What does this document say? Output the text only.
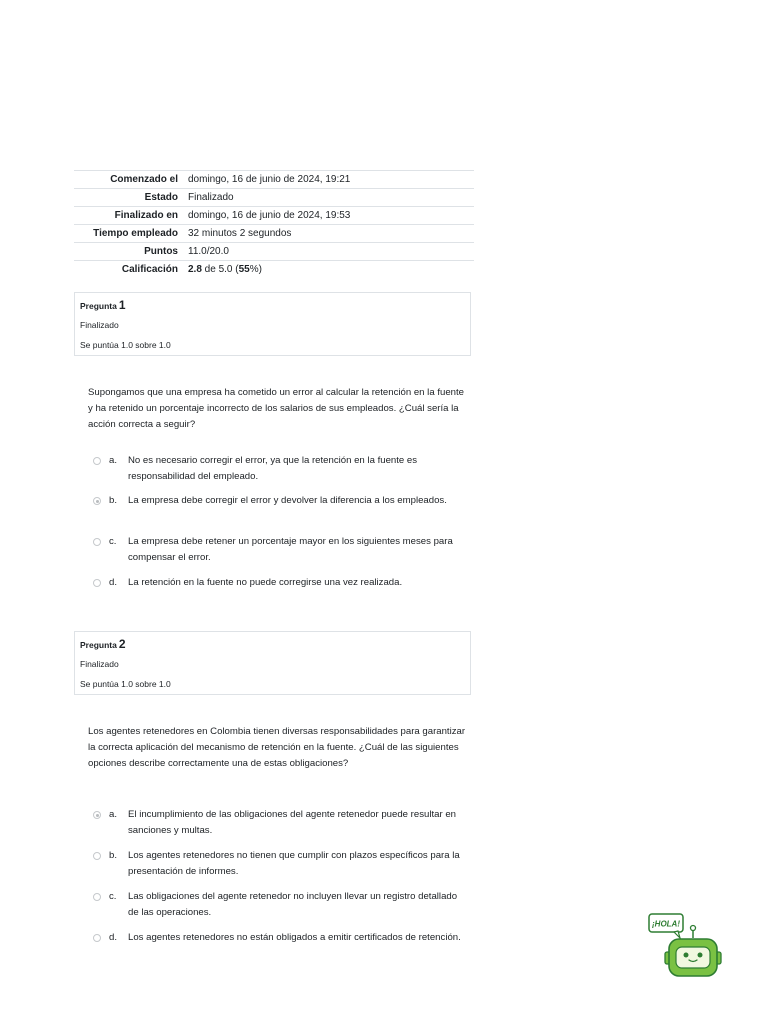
Comenzado el	domingo, 16 de junio de 2024, 19:21
Estado	Finalizado
Finalizado en	domingo, 16 de junio de 2024, 19:53
Tiempo empleado	32 minutos 2 segundos
Puntos	11.0/20.0
Calificación	2.8 de 5.0 (55%)
Pregunta 1
Finalizado
Se puntúa 1.0 sobre 1.0

Supongamos que una empresa ha cometido un error al calcular la retención en la fuente y ha retenido un porcentaje incorrecto de los salarios de sus empleados. ¿Cuál sería la acción correcta a seguir?

a. No es necesario corregir el error, ya que la retención en la fuente es responsabilidad del empleado.
b. La empresa debe corregir el error y devolver la diferencia a los empleados.
c. La empresa debe retener un porcentaje mayor en los siguientes meses para compensar el error.
d. La retención en la fuente no puede corregirse una vez realizada.
Pregunta 2
Finalizado
Se puntúa 1.0 sobre 1.0

Los agentes retenedores en Colombia tienen diversas responsabilidades para garantizar la correcta aplicación del mecanismo de retención en la fuente. ¿Cuál de las siguientes opciones describe correctamente una de estas obligaciones?

a. El incumplimiento de las obligaciones del agente retenedor puede resultar en sanciones y multas.
b. Los agentes retenedores no tienen que cumplir con plazos específicos para la presentación de informes.
c. Las obligaciones del agente retenedor no incluyen llevar un registro detallado de las operaciones.
d. Los agentes retenedores no están obligados a emitir certificados de retención.
¡HOLA!
